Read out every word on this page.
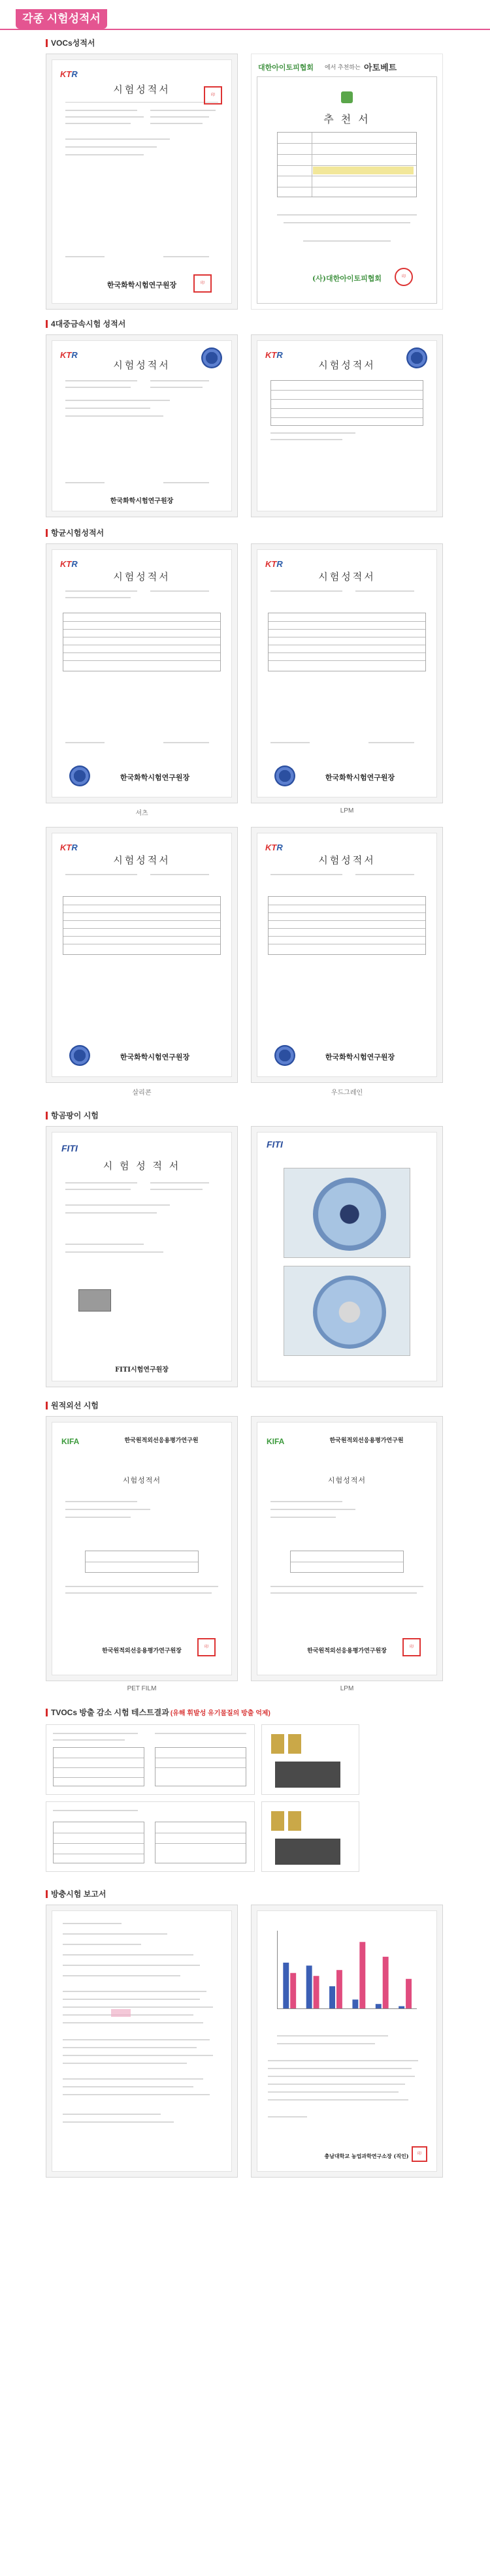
각종 시험성적서
VOCs성적서
KTR
시험성적서	印
한국화학시험연구원장	印
대한아이토피협회 에서 추천하는 아토베트
추 천 서
(사)대한아이토피협회	印
4대중금속시험 성적서
KTR
시험성적서
한국화학시험연구원장
KTR
시험성적서
항균시험성적서
KTR
시험성적서
한국화학시험연구원장
셔츠
KTR
시험성적서
한국화학시험연구원장
LPM
KTR
시험성적서
한국화학시험연구원장
살리콘
KTR
시험성적서
한국화학시험연구원장
우드그레인
항곰팡이 시험
FITI
시 험 성 적 서
FITI시험연구원장
FITI
원적외선 시험
KIFA	한국원적외선응용평가연구원
시험성적서
한국원적외선응용평가연구원장
印
PET FILM
KIFA	한국원적외선응용평가연구원
시험성적서
한국원적외선응용평가연구원장
印
LPM
TVOCs 방출 감소 시험 테스트결과 (유해 휘발성 유기물질의 방출 억제)
방충시험 보고서
충남대학교 농업과학연구소장 (직인)	印
